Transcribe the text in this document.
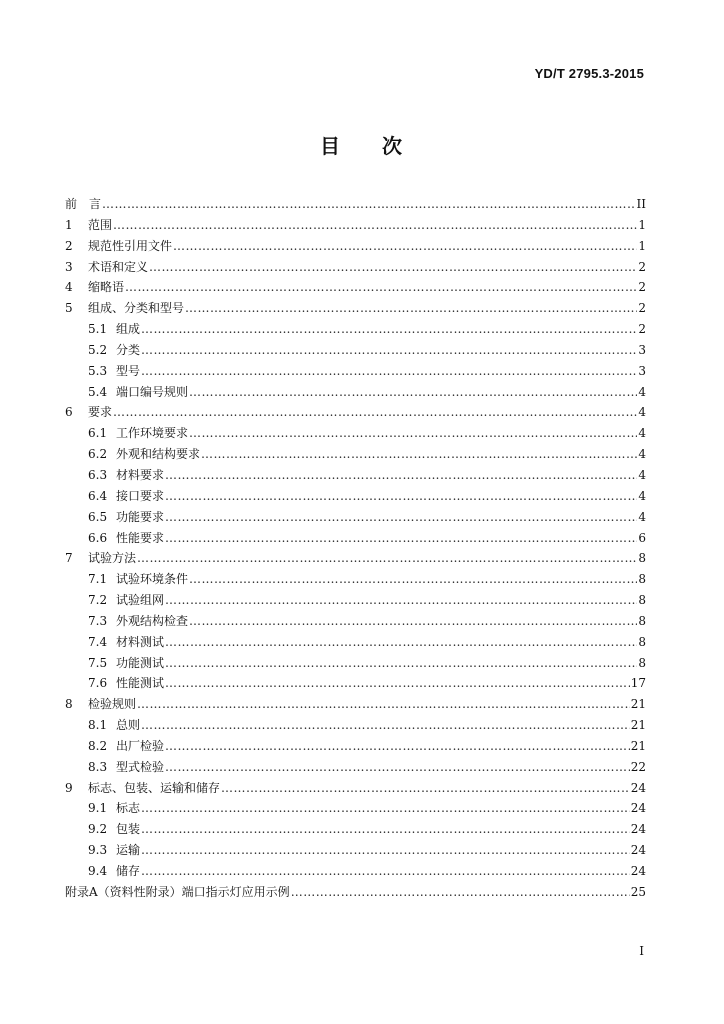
YD/T 2795.3-2015
目 次
前　言 ……………………………………………………………………………………………………………………………………………………………………………………………………………………	II
1	范围 ……………………………………………………………………………………………………………………………………………………………………………………………………………………	1
2	规范性引用文件 ……………………………………………………………………………………………………………………………………………………………………………………………………………………	1
3	术语和定义 ……………………………………………………………………………………………………………………………………………………………………………………………………………………	2
4	缩略语 ……………………………………………………………………………………………………………………………………………………………………………………………………………………	2
5	组成、分类和型号 ……………………………………………………………………………………………………………………………………………………………………………………………………………………	2
5.1 组成 ……………………………………………………………………………………………………………………………………………………………………………………………………………………	2
5.2 分类 ……………………………………………………………………………………………………………………………………………………………………………………………………………………	3
5.3 型号 ……………………………………………………………………………………………………………………………………………………………………………………………………………………	3
5.4 端口编号规则 ……………………………………………………………………………………………………………………………………………………………………………………………………………………	4
6	要求 ……………………………………………………………………………………………………………………………………………………………………………………………………………………	4
6.1 工作环境要求 ……………………………………………………………………………………………………………………………………………………………………………………………………………………	4
6.2 外观和结构要求 ……………………………………………………………………………………………………………………………………………………………………………………………………………………	4
6.3 材料要求 ……………………………………………………………………………………………………………………………………………………………………………………………………………………	4
6.4 接口要求 ……………………………………………………………………………………………………………………………………………………………………………………………………………………	4
6.5 功能要求 ……………………………………………………………………………………………………………………………………………………………………………………………………………………	4
6.6 性能要求 ……………………………………………………………………………………………………………………………………………………………………………………………………………………	6
7	试验方法 ……………………………………………………………………………………………………………………………………………………………………………………………………………………	8
7.1 试验环境条件 ……………………………………………………………………………………………………………………………………………………………………………………………………………………	8
7.2 试验组网 ……………………………………………………………………………………………………………………………………………………………………………………………………………………	8
7.3 外观结构检查 ……………………………………………………………………………………………………………………………………………………………………………………………………………………	8
7.4 材料测试 ……………………………………………………………………………………………………………………………………………………………………………………………………………………	8
7.5 功能测试 ……………………………………………………………………………………………………………………………………………………………………………………………………………………	8
7.6 性能测试 ……………………………………………………………………………………………………………………………………………………………………………………………………………………	17
8	检验规则 ……………………………………………………………………………………………………………………………………………………………………………………………………………………	21
8.1 总则 ……………………………………………………………………………………………………………………………………………………………………………………………………………………	21
8.2 出厂检验 ……………………………………………………………………………………………………………………………………………………………………………………………………………………	21
8.3 型式检验 ……………………………………………………………………………………………………………………………………………………………………………………………………………………	22
9	标志、包装、运输和储存 ……………………………………………………………………………………………………………………………………………………………………………………………………………………	24
9.1 标志 ……………………………………………………………………………………………………………………………………………………………………………………………………………………	24
9.2 包装 ……………………………………………………………………………………………………………………………………………………………………………………………………………………	24
9.3 运输 ……………………………………………………………………………………………………………………………………………………………………………………………………………………	24
9.4 储存 ……………………………………………………………………………………………………………………………………………………………………………………………………………………	24
附录A（资料性附录） 端口指示灯应用示例 ……………………………………………………………………………………………………………………………………………………………………………………………………………………	25
I
